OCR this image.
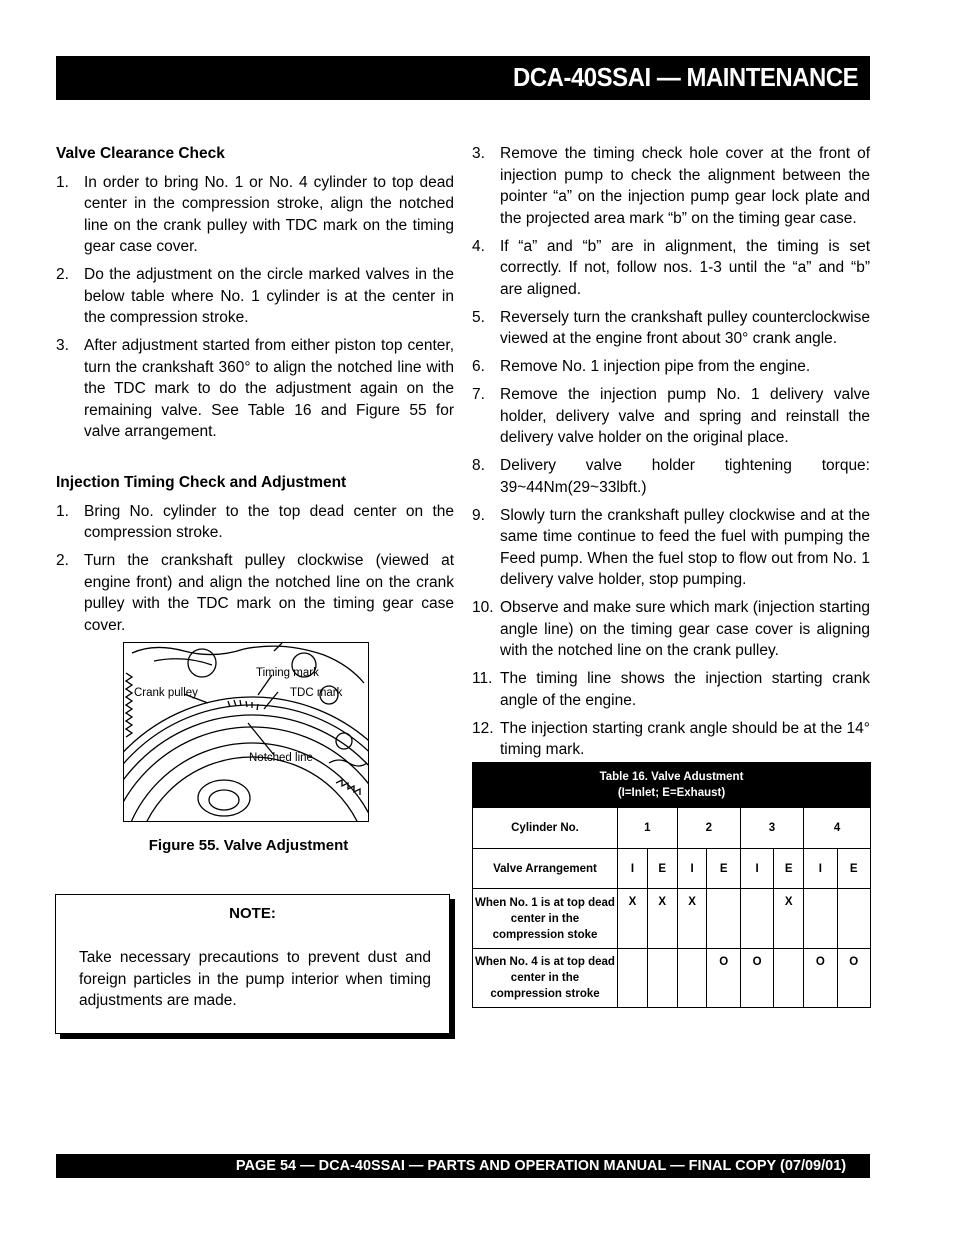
DCA-40SSAI — MAINTENANCE
Valve Clearance Check
1. In order to bring No. 1 or No. 4 cylinder to top dead center in the compression stroke, align the notched line on the crank pulley with TDC mark on the timing gear case cover.
2. Do the adjustment on the circle marked valves in the below table where No. 1 cylinder is at the center in the compression stroke.
3. After adjustment started from either piston top center, turn the crankshaft 360° to align the notched line with the TDC mark to do the adjustment again on the remaining valve. See Table 16 and Figure 55 for valve arrangement.
Injection Timing Check and Adjustment
1. Bring No. cylinder to the top dead center on the compression stroke.
2. Turn the crankshaft pulley clockwise (viewed at engine front) and align the notched line on the crank pulley with the TDC mark on the timing gear case cover.
3. Remove the timing check hole cover at the front of injection pump to check the alignment between the pointer “a” on the injection pump gear lock plate and the projected area mark “b” on the timing gear case.
4. If “a” and “b” are in alignment, the timing is set correctly. If not, follow nos. 1-3 until the “a” and “b” are aligned.
5. Reversely turn the crankshaft pulley counterclockwise viewed at the engine front about 30° crank angle.
6. Remove No. 1 injection pipe from the engine.
7. Remove the injection pump No. 1 delivery valve holder, delivery valve and spring and reinstall the delivery valve holder on the original place.
8. Delivery valve holder tightening torque: 39~44Nm(29~33lbft.)
9. Slowly turn the crankshaft pulley clockwise and at the same time continue to feed the fuel with pumping the Feed pump. When the fuel stop to flow out from No. 1 delivery valve holder, stop pumping.
10. Observe and make sure which mark (injection starting angle line) on the timing gear case cover is aligning with the notched line on the crank pulley.
11. The timing line shows the injection starting crank angle of the engine.
12. The injection starting crank angle should be at the 14° timing mark.
Timing mark
Crank pulley	TDC mark
Notched line
Figure 55. Valve Adjustment
NOTE:
Take necessary precautions to prevent dust and foreign particles in the pump interior when timing adjustments are made.
Table 16. Valve Adustment
(I=Inlet; E=Exhaust)								
Cylinder No.	1		2		3		4	
Valve Arrangement	I	E	I	E	I	E	I	E
When No. 1 is at top dead center in the compression stoke	X	X	X			X		
When No. 4 is at top dead center in the compression stroke				O	O		O	O
PAGE 54 — DCA-40SSAI — PARTS AND OPERATION MANUAL — FINAL COPY (07/09/01)
